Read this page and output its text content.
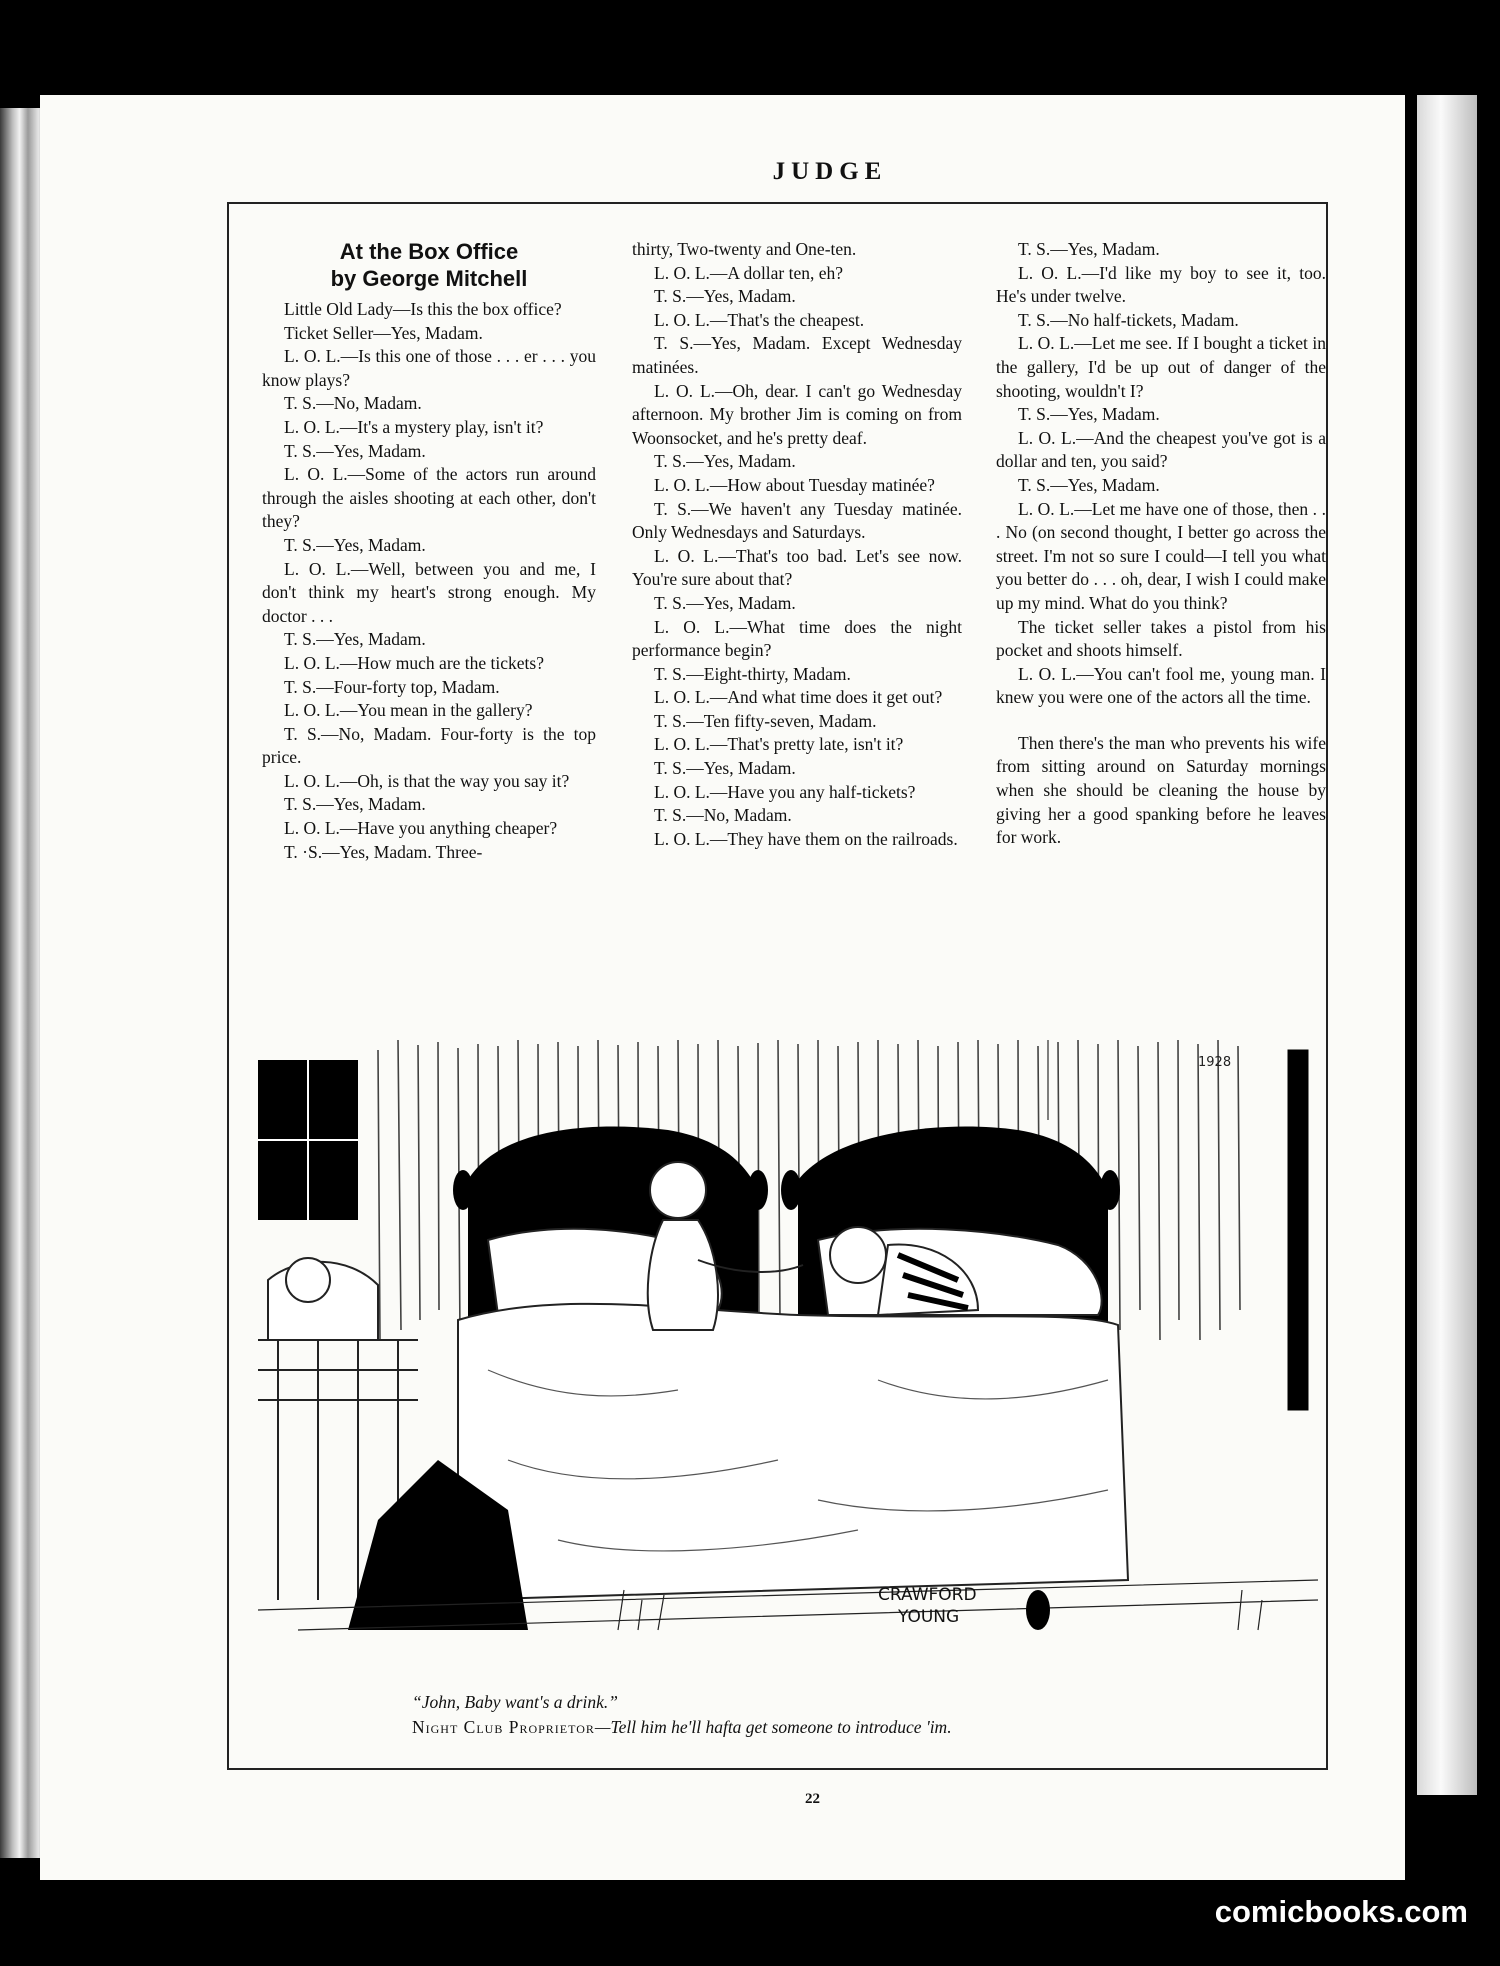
JUDGE
At the Box Office
by George Mitchell

Little Old Lady—Is this the box office?

Ticket Seller—Yes, Madam.

L. O. L.—Is this one of those . . . er . . . you know plays?

T. S.—No, Madam.

L. O. L.—It's a mystery play, isn't it?

T. S.—Yes, Madam.

L. O. L.—Some of the actors run around through the aisles shooting at each other, don't they?

T. S.—Yes, Madam.

L. O. L.—Well, between you and me, I don't think my heart's strong enough. My doctor . . .

T. S.—Yes, Madam.

L. O. L.—How much are the tickets?

T. S.—Four-forty top, Madam.

L. O. L.—You mean in the gallery?

T. S.—No, Madam. Four-forty is the top price.

L. O. L.—Oh, is that the way you say it?

T. S.—Yes, Madam.

L. O. L.—Have you anything cheaper?

T. ·S.—Yes, Madam. Three-

thirty, Two-twenty and One-ten.

L. O. L.—A dollar ten, eh?

T. S.—Yes, Madam.

L. O. L.—That's the cheapest.

T. S.—Yes, Madam. Except Wednesday matinées.

L. O. L.—Oh, dear. I can't go Wednesday afternoon. My brother Jim is coming on from Woonsocket, and he's pretty deaf.

T. S.—Yes, Madam.

L. O. L.—How about Tuesday matinée?

T. S.—We haven't any Tuesday matinée. Only Wednesdays and Saturdays.

L. O. L.—That's too bad. Let's see now. You're sure about that?

T. S.—Yes, Madam.

L. O. L.—What time does the night performance begin?

T. S.—Eight-thirty, Madam.

L. O. L.—And what time does it get out?

T. S.—Ten fifty-seven, Madam.

L. O. L.—That's pretty late, isn't it?

T. S.—Yes, Madam.

L. O. L.—Have you any half-tickets?

T. S.—No, Madam.

L. O. L.—They have them on the railroads.

T. S.—Yes, Madam.

L. O. L.—I'd like my boy to see it, too. He's under twelve.

T. S.—No half-tickets, Madam.

L. O. L.—Let me see. If I bought a ticket in the gallery, I'd be up out of danger of the shooting, wouldn't I?

T. S.—Yes, Madam.

L. O. L.—And the cheapest you've got is a dollar and ten, you said?

T. S.—Yes, Madam.

L. O. L.—Let me have one of those, then . . . No (on second thought, I better go across the street. I'm not so sure I could—I tell you what you better do . . . oh, dear, I wish I could make up my mind. What do you think?

The ticket seller takes a pistol from his pocket and shoots himself.

L. O. L.—You can't fool me, young man. I knew you were one of the actors all the time.

Then there's the man who prevents his wife from sitting around on Saturday mornings when she should be cleaning the house by giving her a good spanking before he leaves for work.

CRAWFORD
YOUNG
1928
“John, Baby want's a drink.”
Night Club Proprietor—Tell him he'll hafta get someone to introduce 'im.
22
comicbooks.com
